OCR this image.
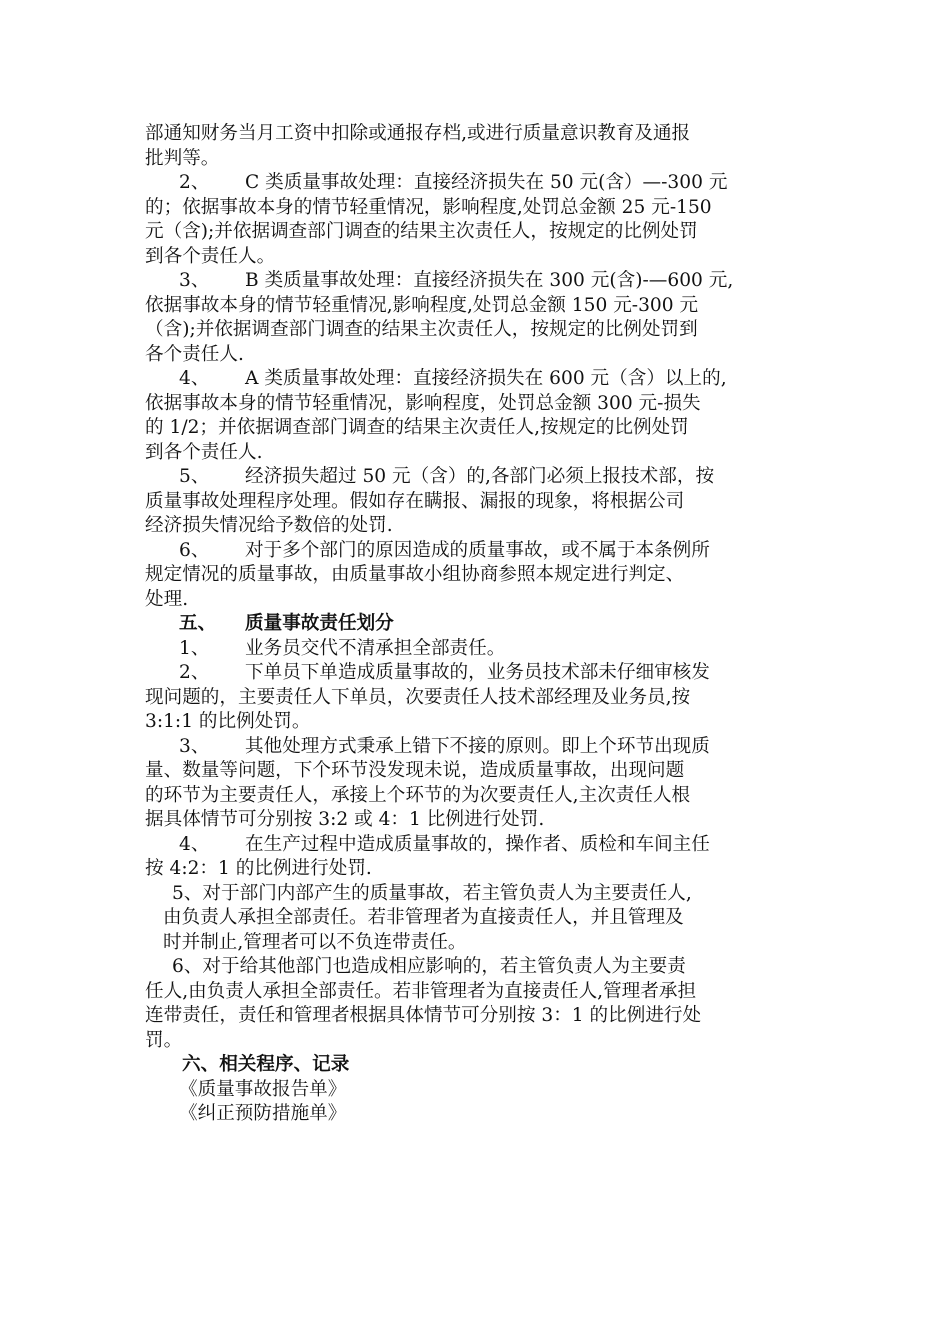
部通知财务当月工资中扣除或通报存档,或进行质量意识教育及通报
批判等。
2、 C 类质量事故处理：直接经济损失在 50 元(含）—-300 元
的；依据事故本身的情节轻重情况，影响程度,处罚总金额 25 元-150
元（含);并依据调查部门调查的结果主次责任人，按规定的比例处罚
到各个责任人。
3、 B 类质量事故处理：直接经济损失在 300 元(含)-—600 元,
依据事故本身的情节轻重情况,影响程度,处罚总金额 150 元-300 元
（含);并依据调查部门调查的结果主次责任人，按规定的比例处罚到
各个责任人.
4、 A 类质量事故处理：直接经济损失在 600 元（含）以上的,
依据事故本身的情节轻重情况，影响程度，处罚总金额 300 元-损失
的 1/2；并依据调查部门调查的结果主次责任人,按规定的比例处罚
到各个责任人.
5、 经济损失超过 50 元（含）的,各部门必须上报技术部，按
质量事故处理程序处理。假如存在瞒报、漏报的现象，将根据公司
经济损失情况给予数倍的处罚.
6、 对于多个部门的原因造成的质量事故，或不属于本条例所
规定情况的质量事故，由质量事故小组协商参照本规定进行判定、
处理.
五、 质量事故责任划分
1、 业务员交代不清承担全部责任。
2、 下单员下单造成质量事故的，业务员技术部未仔细审核发
现问题的，主要责任人下单员，次要责任人技术部经理及业务员,按
3:1:1 的比例处罚。
3、 其他处理方式秉承上错下不接的原则。即上个环节出现质
量、数量等问题，下个环节没发现未说，造成质量事故，出现问题
的环节为主要责任人，承接上个环节的为次要责任人,主次责任人根
据具体情节可分别按 3:2 或 4：1 比例进行处罚.
4、 在生产过程中造成质量事故的，操作者、质检和车间主任
按 4:2：1 的比例进行处罚.
5、对于部门内部产生的质量事故，若主管负责人为主要责任人,
由负责人承担全部责任。若非管理者为直接责任人，并且管理及
时并制止,管理者可以不负连带责任。
6、对于给其他部门也造成相应影响的，若主管负责人为主要责
任人,由负责人承担全部责任。若非管理者为直接责任人,管理者承担
连带责任，责任和管理者根据具体情节可分别按 3：1 的比例进行处
罚。
六、相关程序、记录
《质量事故报告单》
《纠正预防措施单》
